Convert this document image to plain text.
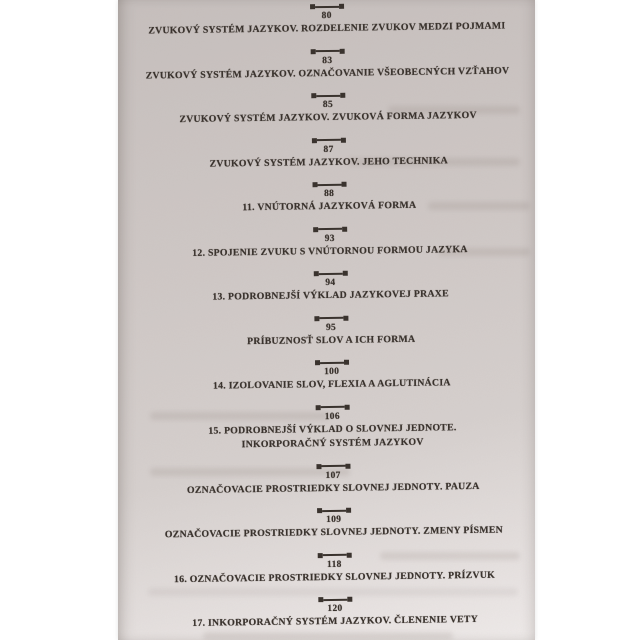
80
ZVUKOVÝ SYSTÉM JAZYKOV. ROZDELENIE ZVUKOV MEDZI POJMAMI
83
ZVUKOVÝ SYSTÉM JAZYKOV. OZNAČOVANIE VŠEOBECNÝCH VZŤAHOV
85
ZVUKOVÝ SYSTÉM JAZYKOV. ZVUKOVÁ FORMA JAZYKOV
87
ZVUKOVÝ SYSTÉM JAZYKOV. JEHO TECHNIKA
88
11. VNÚTORNÁ JAZYKOVÁ FORMA
93
12. SPOJENIE ZVUKU S VNÚTORNOU FORMOU JAZYKA
94
13. PODROBNEJŠÍ VÝKLAD JAZYKOVEJ PRAXE
95
PRÍBUZNOSŤ SLOV A ICH FORMA
100
14. IZOLOVANIE SLOV, FLEXIA A AGLUTINÁCIA
106
15. PODROBNEJŠÍ VÝKLAD O SLOVNEJ JEDNOTE.
INKORPORAČNÝ SYSTÉM JAZYKOV
107
OZNAČOVACIE PROSTRIEDKY SLOVNEJ JEDNOTY. PAUZA
109
OZNAČOVACIE PROSTRIEDKY SLOVNEJ JEDNOTY. ZMENY PÍSMEN
118
16. OZNAČOVACIE PROSTRIEDKY SLOVNEJ JEDNOTY. PRÍZVUK
120
17. INKORPORAČNÝ SYSTÉM JAZYKOV. ČLENENIE VETY
